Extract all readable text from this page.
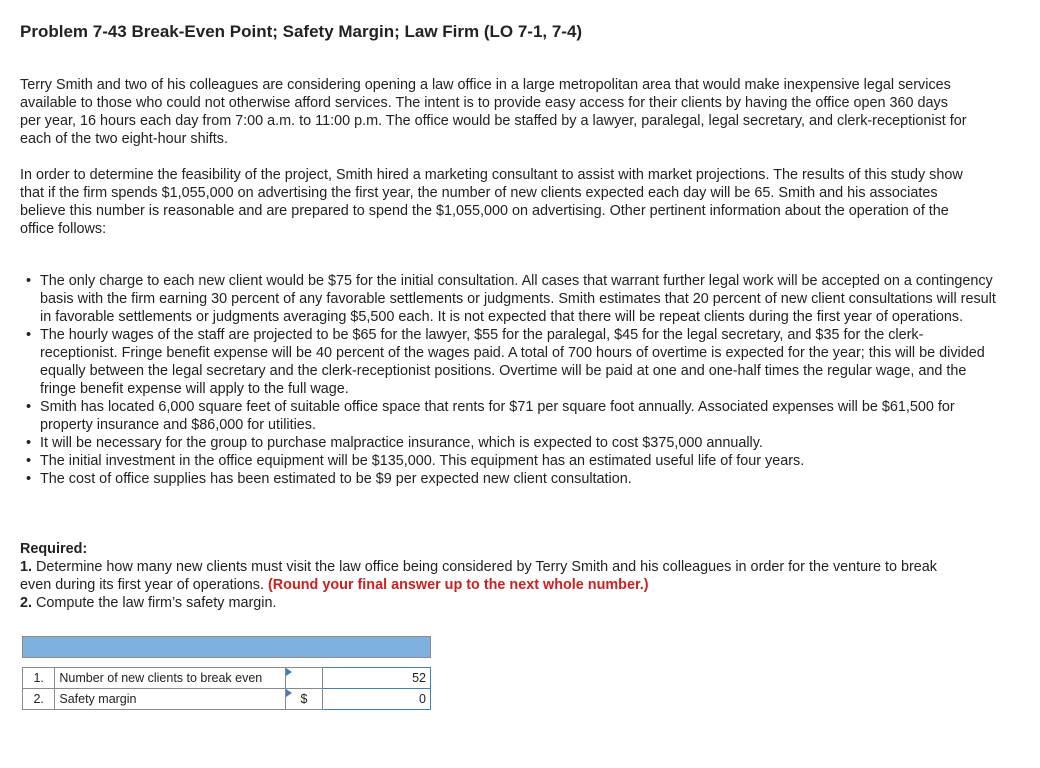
Problem 7-43 Break-Even Point; Safety Margin; Law Firm (LO 7-1, 7-4)

Terry Smith and two of his colleagues are considering opening a law office in a large metropolitan area that would make inexpensive legal services available to those who could not otherwise afford services. The intent is to provide easy access for their clients by having the office open 360 days per year, 16 hours each day from 7:00 a.m. to 11:00 p.m. The office would be staffed by a lawyer, paralegal, legal secretary, and clerk-receptionist for each of the two eight-hour shifts.

In order to determine the feasibility of the project, Smith hired a marketing consultant to assist with market projections. The results of this study show that if the firm spends $1,055,000 on advertising the first year, the number of new clients expected each day will be 65. Smith and his associates believe this number is reasonable and are prepared to spend the $1,055,000 on advertising. Other pertinent information about the operation of the office follows:

• The only charge to each new client would be $75 for the initial consultation. All cases that warrant further legal work will be accepted on a contingency basis with the firm earning 30 percent of any favorable settlements or judgments. Smith estimates that 20 percent of new client consultations will result in favorable settlements or judgments averaging $5,500 each. It is not expected that there will be repeat clients during the first year of operations.
• The hourly wages of the staff are projected to be $65 for the lawyer, $55 for the paralegal, $45 for the legal secretary, and $35 for the clerk-receptionist. Fringe benefit expense will be 40 percent of the wages paid. A total of 700 hours of overtime is expected for the year; this will be divided equally between the legal secretary and the clerk-receptionist positions. Overtime will be paid at one and one-half times the regular wage, and the fringe benefit expense will apply to the full wage.
• Smith has located 6,000 square feet of suitable office space that rents for $71 per square foot annually. Associated expenses will be $61,500 for property insurance and $86,000 for utilities.
• It will be necessary for the group to purchase malpractice insurance, which is expected to cost $375,000 annually.
• The initial investment in the office equipment will be $135,000. This equipment has an estimated useful life of four years.
• The cost of office supplies has been estimated to be $9 per expected new client consultation.
Required:
1. Determine how many new clients must visit the law office being considered by Terry Smith and his colleagues in order for the venture to break even during its first year of operations. (Round your final answer up to the next whole number.)
2. Compute the law firm’s safety margin.

1.	Number of new clients to break even		52
2.	Safety margin	$	0
